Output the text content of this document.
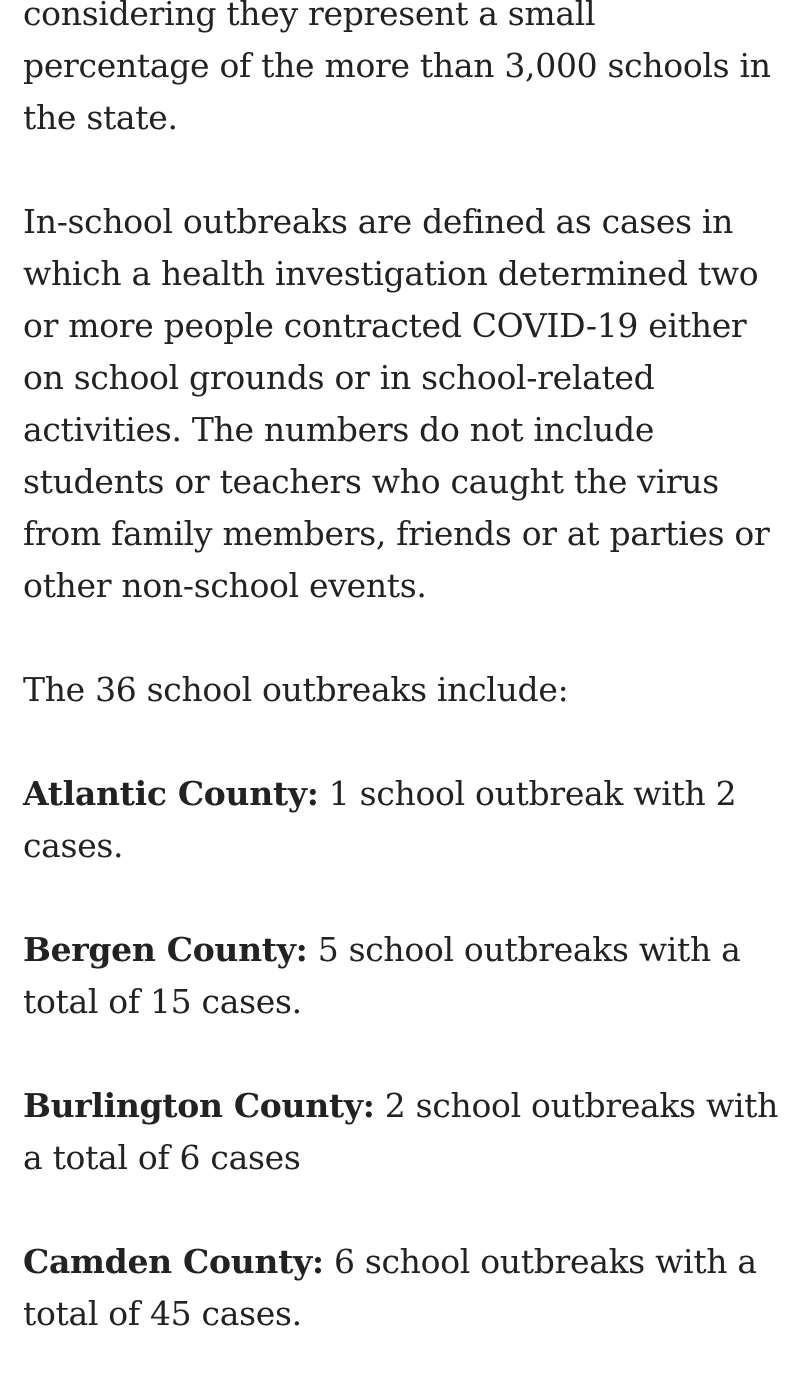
considering they represent a small percentage of the more than 3,000 schools in the state.

In-school outbreaks are defined as cases in which a health investigation determined two or more people contracted COVID-19 either on school grounds or in school-related activities. The numbers do not include students or teachers who caught the virus from family members, friends or at parties or other non-school events.

The 36 school outbreaks include:

Atlantic County: 1 school outbreak with 2 cases.

Bergen County: 5 school outbreaks with a total of 15 cases.

Burlington County: 2 school outbreaks with a total of 6 cases

Camden County: 6 school outbreaks with a total of 45 cases.
